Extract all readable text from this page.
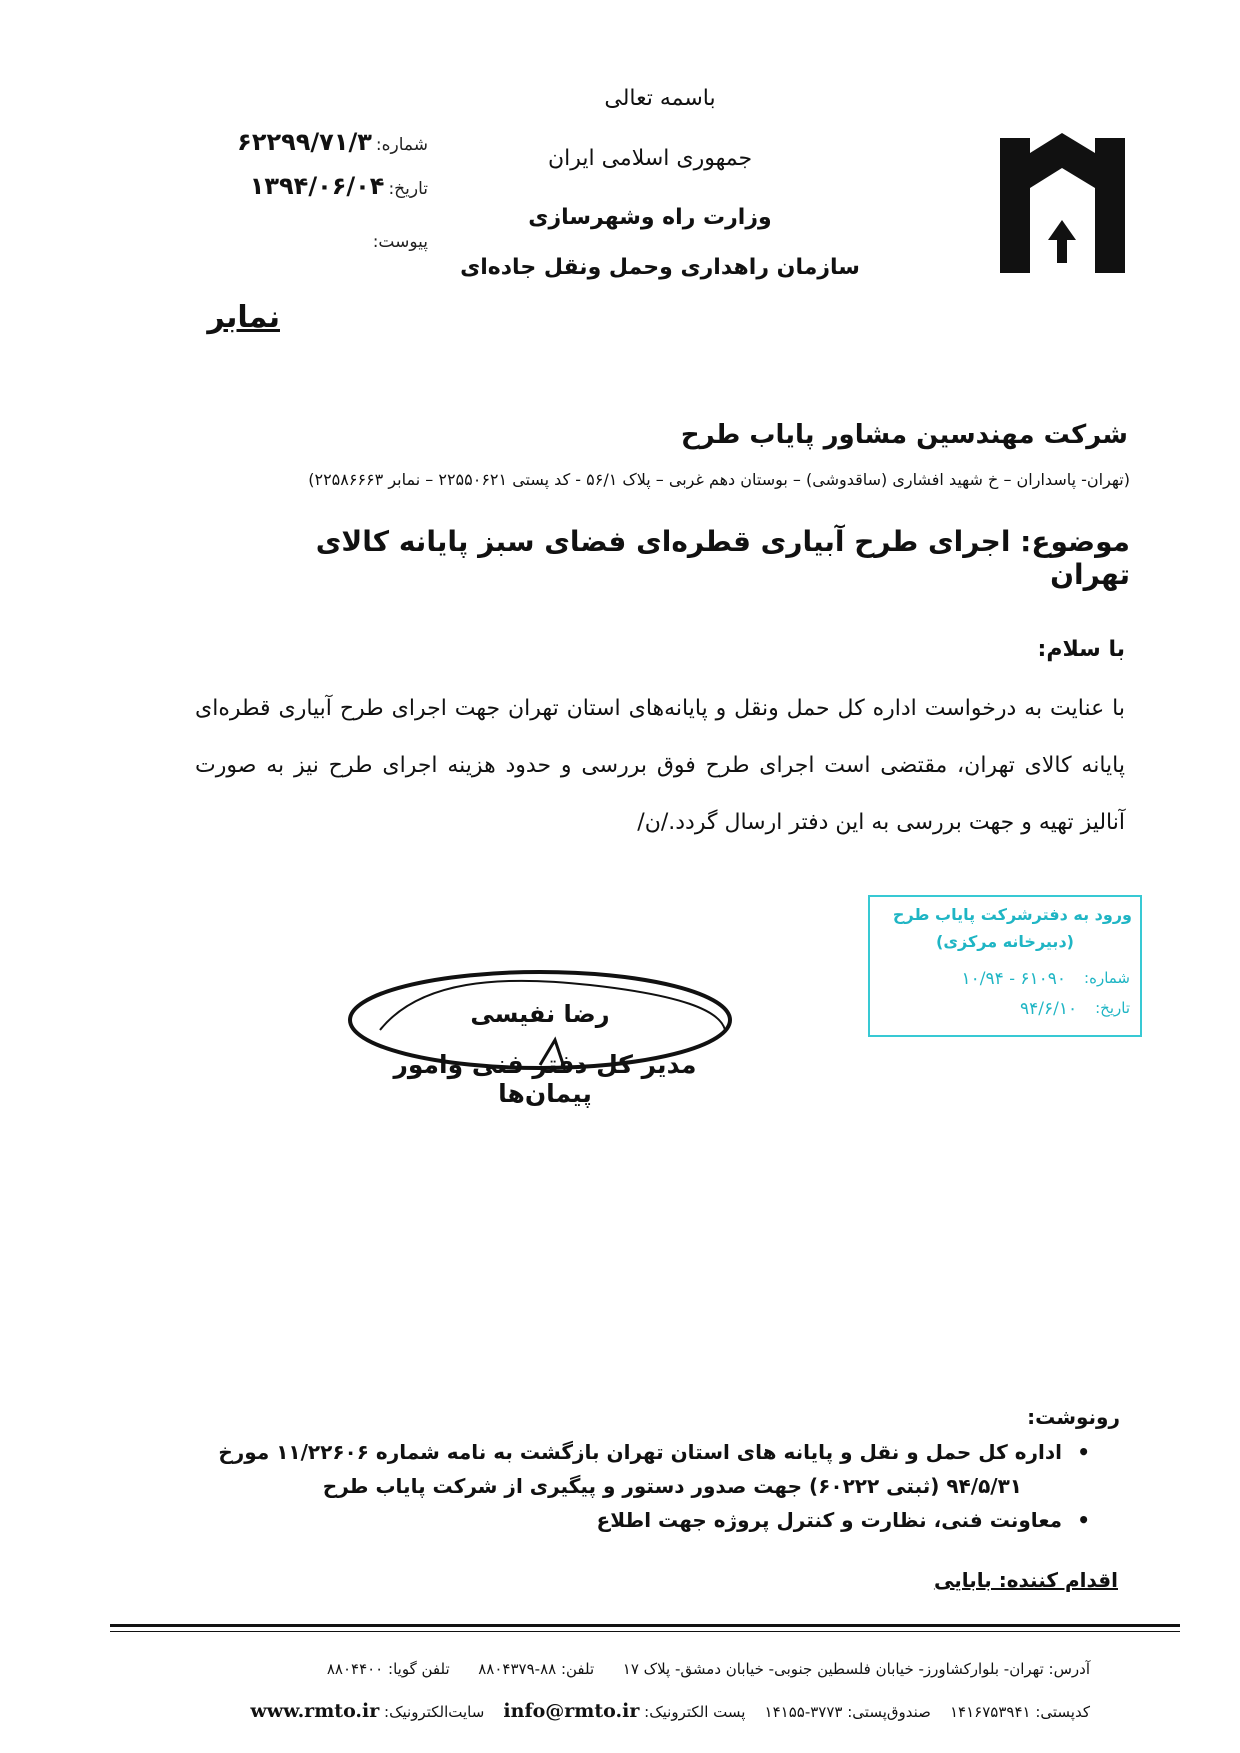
باسمه تعالی
جمهوری اسلامی ایران
وزارت راه وشهرسازی
سازمان راهداری وحمل ونقل جاده‌ای
شماره:
۶۲۲۹۹/۷۱/۳
تاریخ:
۱۳۹۴/۰۶/۰۴
پیوست:
نمابر
شرکت مهندسین مشاور پایاب طرح
(تهران- پاسداران – خ شهید افشاری (ساقدوشی) – بوستان دهم غربی – پلاک ۵۶/۱ - کد پستی ۲۲۵۵۰۶۲۱ – نمابر ۲۲۵۸۶۶۶۳)
موضوع: اجرای طرح آبیاری قطره‌ای فضای سبز پایانه کالای تهران
با سلام:
با عنایت به درخواست اداره کل حمل ونقل و پایانه‌های استان تهران جهت اجرای طرح آبیاری قطره‌ای پایانه کالای تهران، مقتضی است اجرای طرح فوق بررسی و حدود هزینه اجرای طرح نیز به صورت آنالیز تهیه و جهت بررسی به این دفتر ارسال گردد./ن/
ورود به دفترشرکت پایاب طرح
(دبیرخانه مرکزی)
شماره:
۶۱۰۹۰ - ۱۰/۹۴
تاریخ:
۹۴/۶/۱۰
رضا نفیسی
مدیر کل دفتر فنی وامور پیمان‌ها
رونوشت:
•
اداره کل حمل و نقل و پایانه های استان تهران بازگشت به نامه شماره ۱۱/۲۲۶۰۶ مورخ
۹۴/۵/۳۱ (ثبتی ۶۰۲۲۲) جهت صدور دستور و پیگیری از شرکت پایاب طرح
•
معاونت فنی، نظارت و کنترل پروژه جهت اطلاع
اقدام کننده: بابایی
آدرس: تهران- بلوارکشاورز- خیابان فلسطین جنوبی- خیابان دمشق- پلاک ۱۷      تلفن: ۸۸-۸۸۰۴۳۷۹      تلفن گویا: ۸۸۰۴۴۰۰
کدپستی: ۱۴۱۶۷۵۳۹۴۱    صندوق‌پستی: ۳۷۷۳-۱۴۱۵۵    پست الکترونیک: info@rmto.ir    سایت‌الکترونیک: www.rmto.ir
